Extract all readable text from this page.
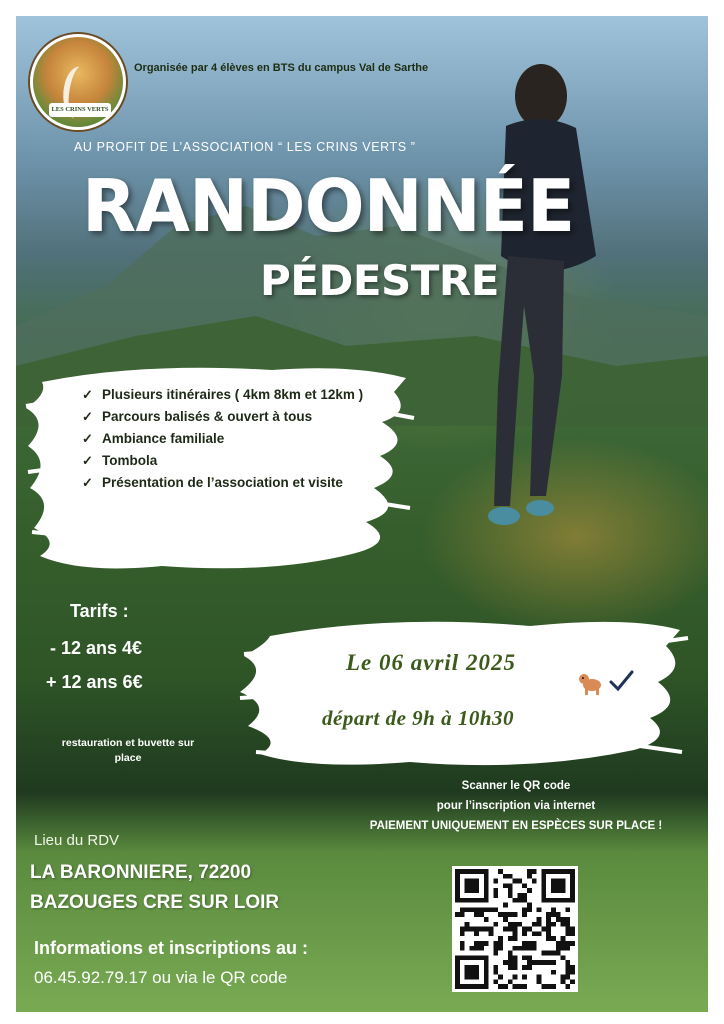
LES CRINS VERTS
Organisée par 4 élèves en BTS du campus Val de Sarthe
AU PROFIT DE L’ASSOCIATION “ LES CRINS VERTS ”
RANDONNÉE
PÉDESTRE
✓ Plusieurs itinéraires ( 4km 8km et 12km )
✓ Parcours balisés & ouvert à tous
✓ Ambiance familiale
✓ Tombola
✓ Présentation de l’association et visite
Tarifs :
- 12 ans 4€
+ 12 ans 6€
restauration et buvette sur place
Le 06 avril 2025
départ de 9h à 10h30
Scanner le QR code
pour l’inscription via internet
PAIEMENT UNIQUEMENT EN ESPÈCES SUR PLACE !
Lieu du RDV
LA BARONNIERE, 72200
BAZOUGES CRE SUR LOIR
Informations et inscriptions au :
06.45.92.79.17 ou via le QR code
